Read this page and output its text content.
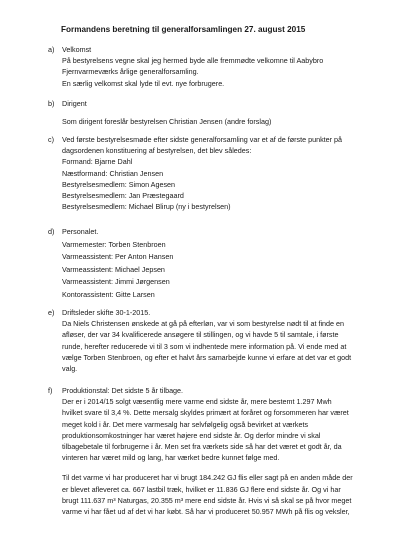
Formandens beretning til generalforsamlingen 27. august 2015
a) Velkomst
På bestyrelsens vegne skal jeg hermed byde alle fremmødte velkomne til Aabybro
Fjernvarmeværks årlige generalforsamling.
En særlig velkomst skal lyde til evt. nye forbrugere.
b) Dirigent
Som dirigent foreslår bestyrelsen Christian Jensen (andre forslag)
c) Ved første bestyrelsesmøde efter sidste generalforsamling var et af de første punkter på
dagsordenen konstituering af bestyrelsen, det blev således:
Formand: Bjarne Dahl
Næstformand: Christian Jensen
Bestyrelsesmedlem: Simon Agesen
Bestyrelsesmedlem: Jan Præstegaard
Bestyrelsesmedlem: Michael Blirup (ny i bestyrelsen)
d) Personalet.
Varmemester: Torben Stenbroen
Varmeassistent: Per Anton Hansen
Varmeassistent: Michael Jepsen
Varmeassistent: Jimmi Jørgensen
Kontorassistent: Gitte Larsen
e) Driftsleder skifte 30-1-2015.
Da Niels Christensen ønskede at gå på efterløn, var vi som bestyrelse nødt til at finde en
afløser, der var 34 kvalificerede ansøgere til stillingen, og vi havde 5 til samtale, i første
runde, herefter reducerede vi til 3 som vi indhentede mere information på. Vi ende med at
vælge Torben Stenbroen, og efter et halvt års samarbejde kunne vi erfare at det var et godt
valg.
f) Produktionstal: Det sidste 5 år tilbage.
Der er i 2014/15 solgt væsentlig mere varme end sidste år, mere bestemt 1.297 Mwh
hvilket svare til 3,4 %. Dette mersalg skyldes primært at foråret og forsommeren har været
meget kold i år. Det mere varmesalg har selvfølgelig også bevirket at værkets
produktionsomkostninger har været højere end sidste år. Og derfor mindre vi skal
tilbagebetale til forbrugerne i år. Men set fra værkets side så har det været et godt år, da
vinteren har været mild og lang, har værket bedre kunnet følge med.
Til det varme vi har produceret har vi brugt 184.242 GJ flis eller sagt på en anden måde der
er blevet afleveret ca. 667 lastbil træk, hvilket er 11.836 GJ flere end sidste år. Og vi har
brugt 111.637 m³ Naturgas, 20.355 m³ mere end sidste år. Hvis vi så skal se på hvor meget
varme vi har fået ud af det vi har købt. Så har vi produceret 50.957 MWh på flis og veksler,
